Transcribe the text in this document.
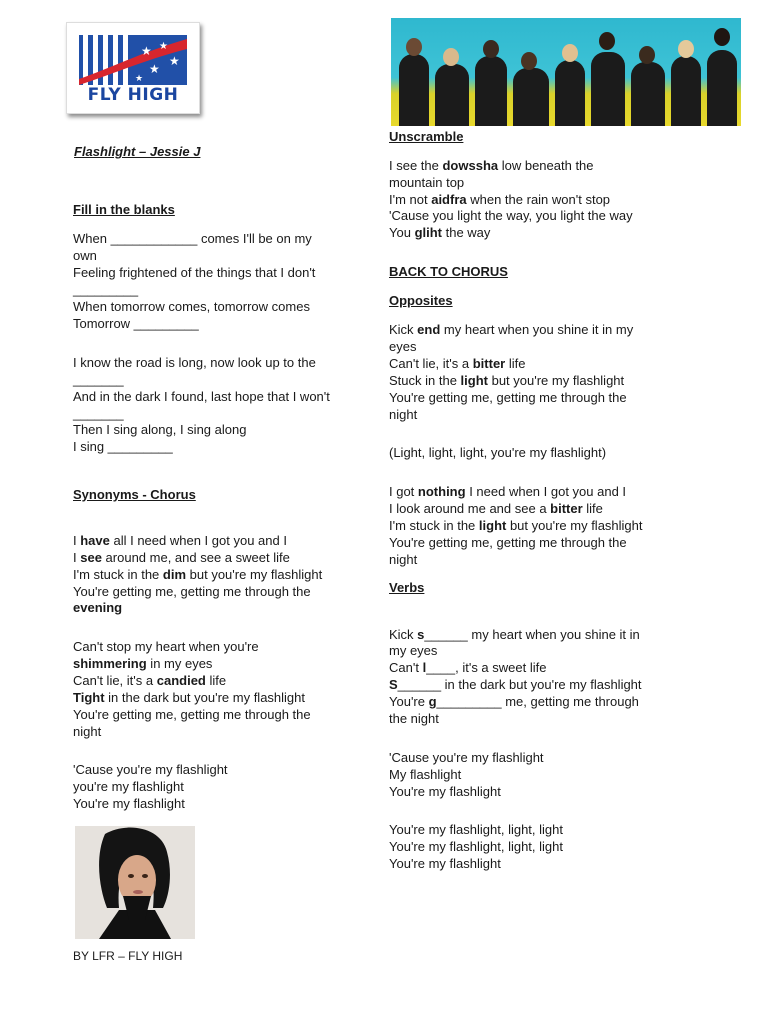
★ ★
★
★
★
FLY HIGH
Flashlight – Jessie J
Fill in the blanks
When ____________ comes I'll be on my
own
Feeling frightened of the things that I don't
_________
When tomorrow comes, tomorrow comes
Tomorrow _________
I know the road is long, now look up to the
_______
And in the dark I found, last hope that I won't
_______
Then I sing along, I sing along
I sing _________
Synonyms - Chorus
I have all I need when I got you and I
I see around me, and see a sweet life
I'm stuck in the dim but you're my flashlight
You're getting me, getting me through the
evening
Can't stop my heart when you're
shimmering in my eyes
Can't lie, it's a candied life
Tight in the dark but you're my flashlight
You're getting me, getting me through the
night
'Cause you're my flashlight
you're my flashlight
You're my flashlight
BY LFR – FLY HIGH
Unscramble
I see the dowssha low beneath the
mountain top
I'm not aidfra when the rain won't stop
'Cause you light the way, you light the way
You gliht the way
BACK TO CHORUS
Opposites
Kick end my heart when you shine it in my
eyes
Can't lie, it's a bitter life
Stuck in the light but you're my flashlight
You're getting me, getting me through the
night
(Light, light, light, you're my flashlight)
I got nothing I need when I got you and I
I look around me and see a bitter life
I'm stuck in the light but you're my flashlight
You're getting me, getting me through the
night
Verbs
Kick s______ my heart when you shine it in
my eyes
Can't l____, it's a sweet life
S______ in the dark but you're my flashlight
You're g_________ me, getting me through
the night
'Cause you're my flashlight
My flashlight
You're my flashlight
You're my flashlight, light, light
You're my flashlight, light, light
You're my flashlight
